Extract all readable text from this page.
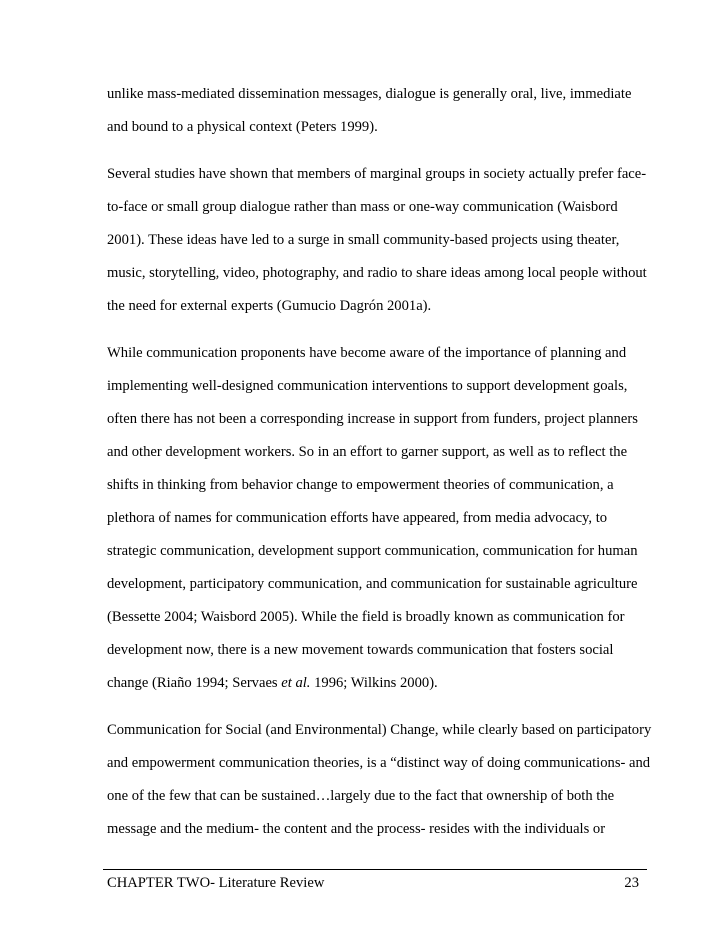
unlike mass-mediated dissemination messages, dialogue is generally oral, live, immediate

and bound to a physical context (Peters 1999).

Several studies have shown that members of marginal groups in society actually prefer face-

to-face or small group dialogue rather than mass or one-way communication (Waisbord

2001). These ideas have led to a surge in small community-based projects using theater,

music, storytelling, video, photography, and radio to share ideas among local people without

the need for external experts (Gumucio Dagrón 2001a).

While communication proponents have become aware of the importance of planning and

implementing well-designed communication interventions to support development goals,

often there has not been a corresponding increase in support from funders, project planners

and other development workers. So in an effort to garner support, as well as to reflect the

shifts in thinking from behavior change to empowerment theories of communication, a

plethora of names for communication efforts have appeared, from media advocacy, to

strategic communication, development support communication, communication for human

development, participatory communication, and communication for sustainable agriculture

(Bessette 2004; Waisbord 2005). While the field is broadly known as communication for

development now, there is a new movement towards communication that fosters social

change (Riaño 1994; Servaes et al. 1996; Wilkins 2000).

Communication for Social (and Environmental) Change, while clearly based on participatory

and empowerment communication theories, is a “distinct way of doing communications- and

one of the few that can be sustained…largely due to the fact that ownership of both the

message and the medium- the content and the process- resides with the individuals or

CHAPTER TWO- Literature Review	23
